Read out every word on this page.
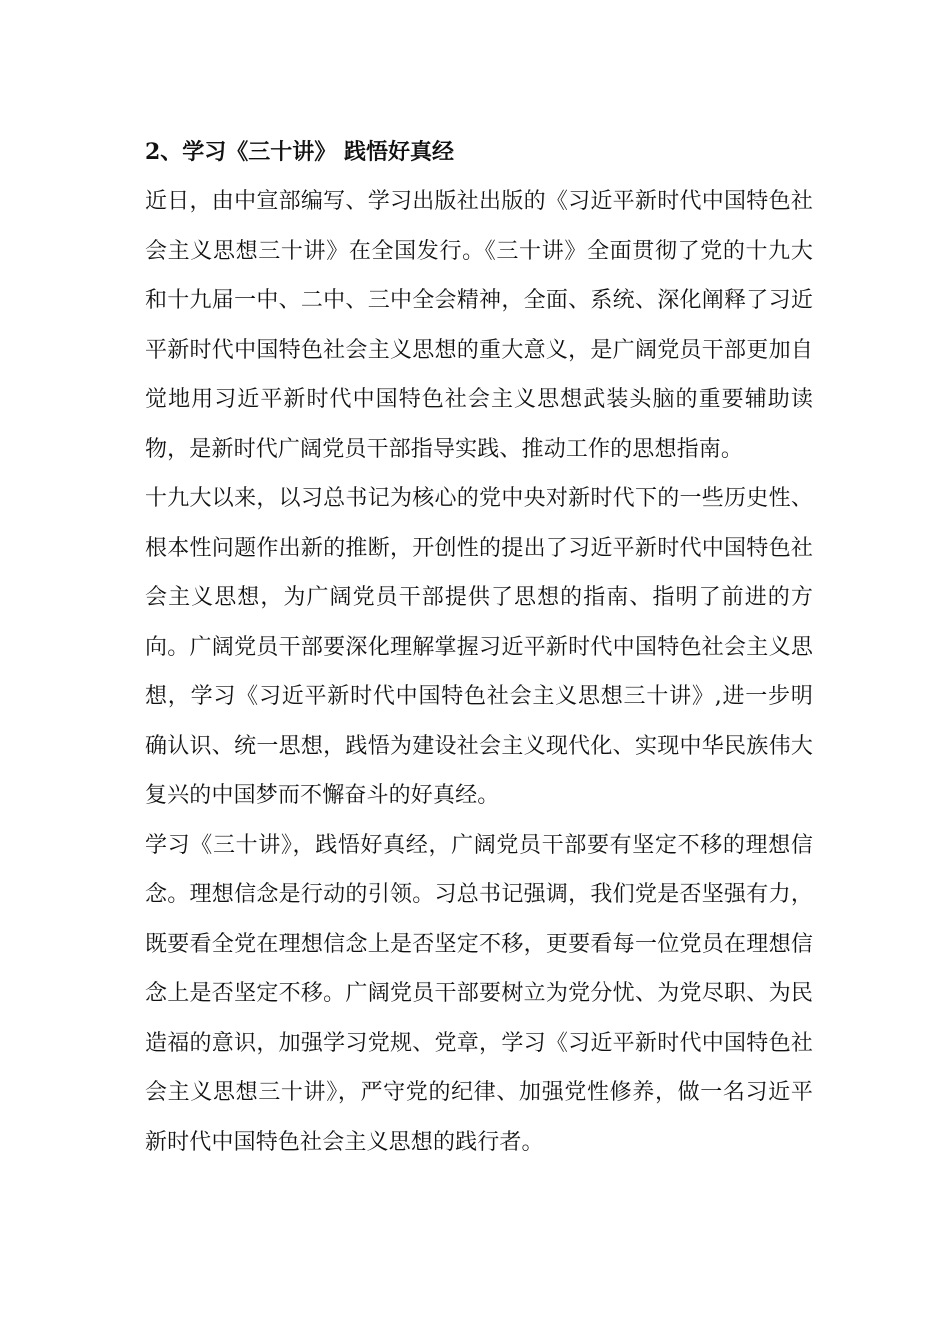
2、学习《三十讲》 践悟好真经

近日，由中宣部编写、学习出版社出版的《习近平新时代中国特色社会主义思想三十讲》在全国发行。《三十讲》全面贯彻了党的十九大和十九届一中、二中、三中全会精神，全面、系统、深化阐释了习近平新时代中国特色社会主义思想的重大意义，是广阔党员干部更加自觉地用习近平新时代中国特色社会主义思想武装头脑的重要辅助读物，是新时代广阔党员干部指导实践、推动工作的思想指南。

十九大以来，以习总书记为核心的党中央对新时代下的一些历史性、根本性问题作出新的推断，开创性的提出了习近平新时代中国特色社会主义思想，为广阔党员干部提供了思想的指南、指明了前进的方向。广阔党员干部要深化理解掌握习近平新时代中国特色社会主义思想，学习《习近平新时代中国特色社会主义思想三十讲》,进一步明确认识、统一思想，践悟为建设社会主义现代化、实现中华民族伟大复兴的中国梦而不懈奋斗的好真经。

学习《三十讲》，践悟好真经，广阔党员干部要有坚定不移的理想信念。理想信念是行动的引领。习总书记强调，我们党是否坚强有力，既要看全党在理想信念上是否坚定不移，更要看每一位党员在理想信念上是否坚定不移。广阔党员干部要树立为党分忧、为党尽职、为民造福的意识，加强学习党规、党章，学习《习近平新时代中国特色社会主义思想三十讲》，严守党的纪律、加强党性修养，做一名习近平新时代中国特色社会主义思想的践行者。
